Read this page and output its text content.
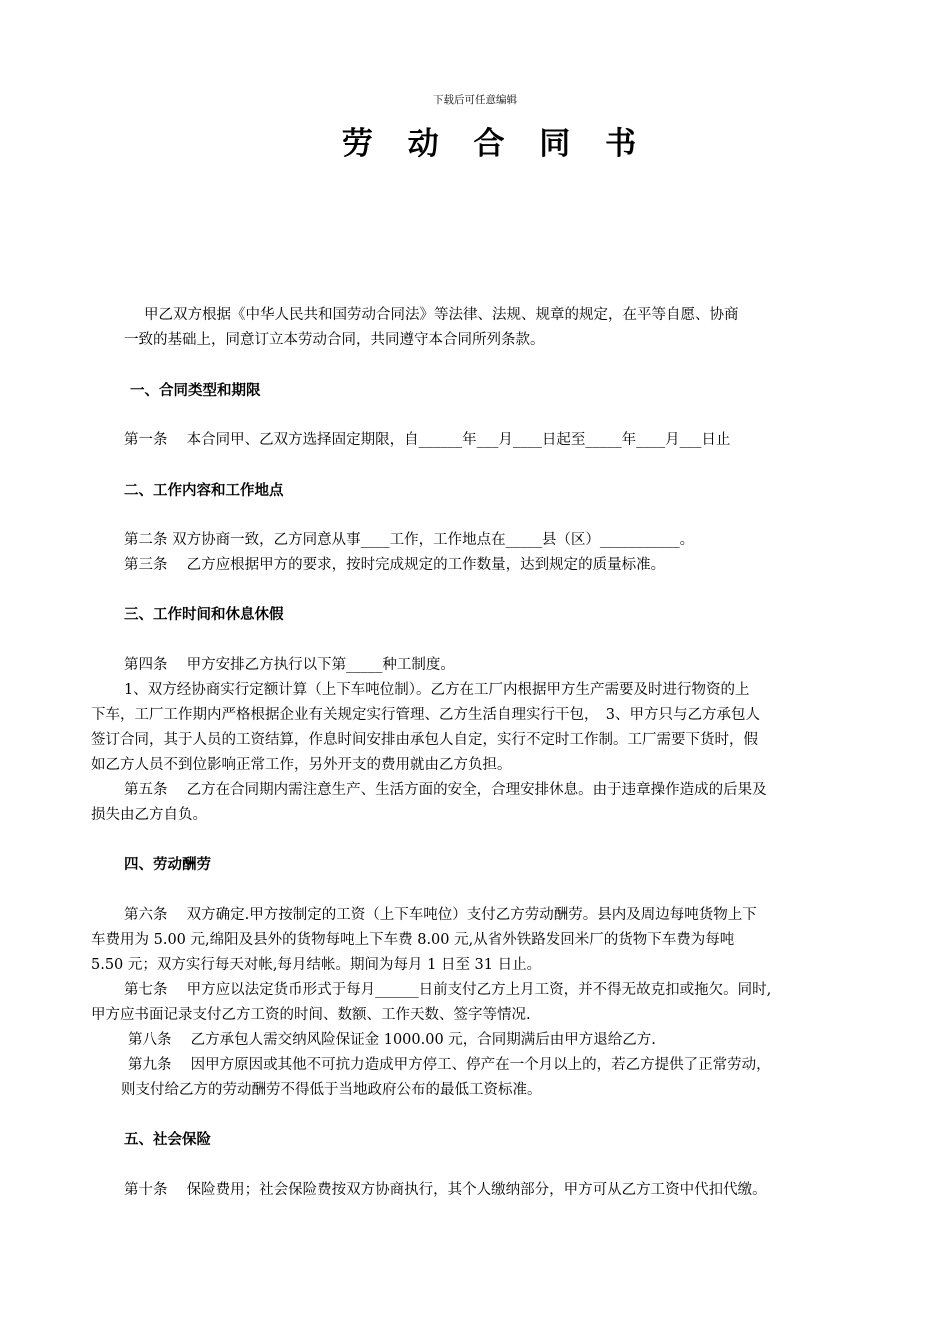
下载后可任意编辑

劳 动 合 同 书

甲乙双方根据《中华人民共和国劳动合同法》等法律、法规、规章的规定，在平等自愿、协商

一致的基础上，同意订立本劳动合同，共同遵守本合同所列条款。

一、合同类型和期限

第一条　 本合同甲、乙双方选择固定期限，自______年___月____日起至_____年____月___日止

二、工作内容和工作地点

第二条 双方协商一致，乙方同意从事____工作，工作地点在_____县（区）___________。

第三条　 乙方应根据甲方的要求，按时完成规定的工作数量，达到规定的质量标准。

三、工作时间和休息休假

第四条　 甲方安排乙方执行以下第_____种工制度。

1、双方经协商实行定额计算（上下车吨位制）。乙方在工厂内根据甲方生产需要及时进行物资的上

下车，工厂工作期内严格根据企业有关规定实行管理、乙方生活自理实行干包，　3、甲方只与乙方承包人

签订合同，其于人员的工资结算，作息时间安排由承包人自定，实行不定时工作制。工厂需要下货时，假

如乙方人员不到位影响正常工作，另外开支的费用就由乙方负担。

第五条　 乙方在合同期内需注意生产、生活方面的安全，合理安排休息。由于违章操作造成的后果及

损失由乙方自负。

四、劳动酬劳

第六条　 双方确定.甲方按制定的工资（上下车吨位）支付乙方劳动酬劳。县内及周边每吨货物上下

车费用为 5.00 元,绵阳及县外的货物每吨上下车费 8.00 元,从省外铁路发回米厂的货物下车费为每吨

5.50 元；双方实行每天对帐,每月结帐。期间为每月 1 日至 31 日止。

第七条　 甲方应以法定货币形式于每月______日前支付乙方上月工资，并不得无故克扣或拖欠。同时,

甲方应书面记录支付乙方工资的时间、数额、工作天数、签字等情况.

第八条　 乙方承包人需交纳风险保证金 1000.00 元，合同期满后由甲方退给乙方.

第九条　 因甲方原因或其他不可抗力造成甲方停工、停产在一个月以上的，若乙方提供了正常劳动，

则支付给乙方的劳动酬劳不得低于当地政府公布的最低工资标准。

五、社会保险

第十条　 保险费用；社会保险费按双方协商执行，其个人缴纳部分，甲方可从乙方工资中代扣代缴。
